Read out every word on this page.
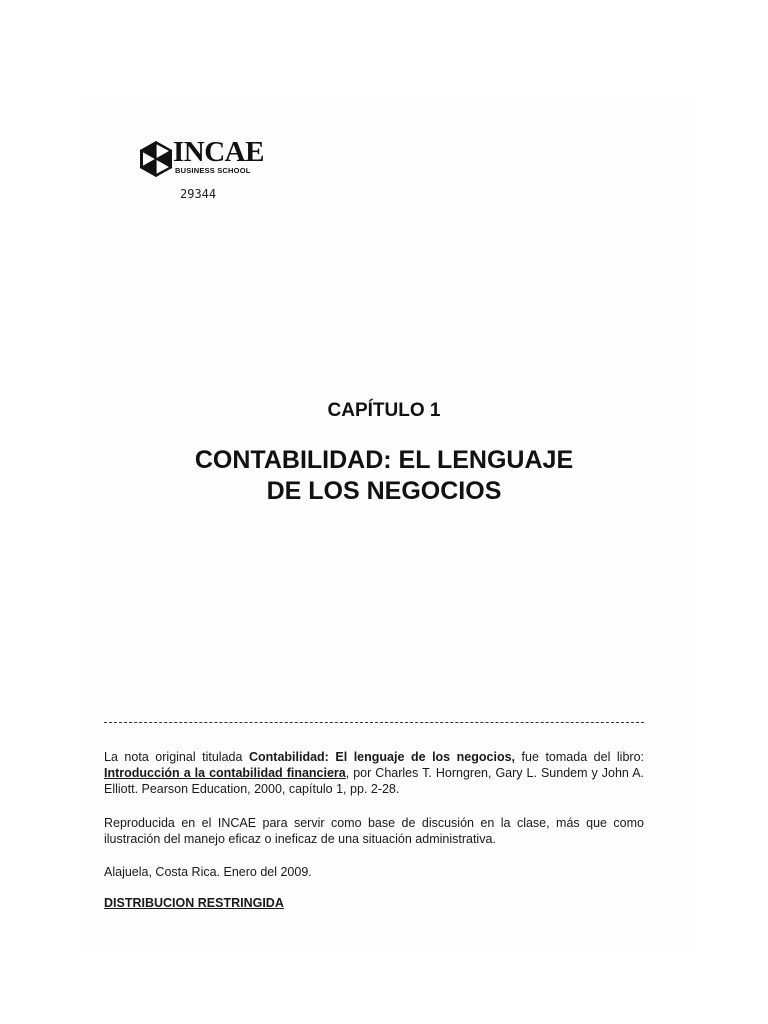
INCAE
BUSINESS SCHOOL
29344
CAPÍTULO 1
CONTABILIDAD: EL LENGUAJE
DE LOS NEGOCIOS
La nota original titulada Contabilidad: El lenguaje de los negocios, fue tomada del libro: Introducción a la contabilidad financiera, por Charles T. Horngren, Gary L. Sundem y John A. Elliott. Pearson Education, 2000, capítulo 1, pp. 2-28.
Reproducida en el INCAE para servir como base de discusión en la clase, más que como ilustración del manejo eficaz o ineficaz de una situación administrativa.
Alajuela, Costa Rica. Enero del 2009.
DISTRIBUCION RESTRINGIDA
